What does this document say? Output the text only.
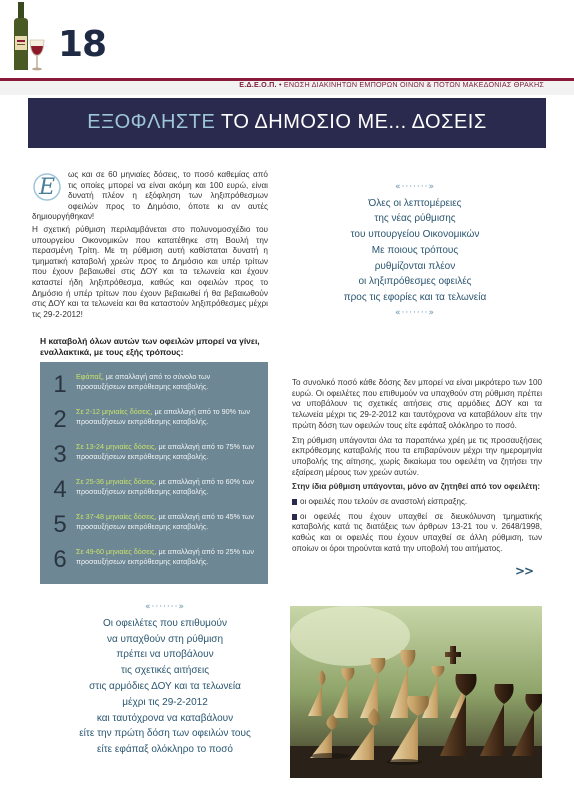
18
Ε.Δ.Ε.Ο.Π. • ΕΝΩΣΗ ΔΙΑΚΙΝΗΤΩΝ ΕΜΠΟΡΩΝ ΟΙΝΩΝ & ΠΟΤΩΝ ΜΑΚΕΔΟΝΙΑΣ ΘΡΑΚΗΣ
ΕΞΟΦΛΗΣΤΕ ΤΟ ΔΗΜΟΣΙΟ ΜΕ... ΔΟΣΕΙΣ
Ε

ως και σε 60 μηνιαίες δόσεις, το ποσό καθεμίας από τις οποίες μπορεί να είναι ακόμη και 100 ευρώ, είναι δυνατή πλέον η εξόφληση των ληξιπρόθεσμων οφειλών προς το Δημόσιο, όποτε κι αν αυτές δημιουργήθηκαν!

Η σχετική ρύθμιση περιλαμβάνεται στο πολυνομοσχέδιο του υπουργείου Οικονομικών που κατατέθηκε στη Βουλή την περασμένη Τρίτη. Με τη ρύθμιση αυτή καθίσταται δυνατή η τμηματική καταβολή χρεών προς το Δημόσιο και υπέρ τρίτων που έχουν βεβαιωθεί στις ΔΟΥ και τα τελωνεία και έχουν καταστεί ήδη ληξιπρόθεσμα, καθώς και οφειλών προς το Δημόσιο ή υπέρ τρίτων που έχουν βεβαιωθεί ή θα βεβαιωθούν στις ΔΟΥ και τα τελωνεία και θα καταστούν ληξιπρόθεσμες μέχρι τις 29-2-2012!

«·······»
Όλες οι λεπτομέρειες
της νέας ρύθμισης
του υπουργείου Οικονομικών
Με ποιους τρόπους
ρυθμίζονται πλέον
οι ληξιπρόθεσμες οφειλές
προς τις εφορίες και τα τελωνεία
«·······»
Η καταβολή όλων αυτών των οφειλών μπορεί να γίνει, εναλλακτικά, με τους εξής τρόπους:
1 Εφάπαξ, με απαλλαγή από το σύνολο των προσαυξήσεων εκπρόθεσμης καταβολής.
2 Σε 2-12 μηνιαίες δόσεις, με απαλλαγή από το 90% των προσαυξήσεων εκπρόθεσμης καταβολής.
3 Σε 13-24 μηνιαίες δόσεις, με απαλλαγή από το 75% των προσαυξήσεων εκπρόθεσμης καταβολής.
4 Σε 25-36 μηνιαίες δόσεις, με απαλλαγή από το 60% των προσαυξήσεων εκπρόθεσμης καταβολής.
5 Σε 37-48 μηνιαίες δόσεις, με απαλλαγή από το 45% των προσαυξήσεων εκπρόθεσμης καταβολής.
6 Σε 49-60 μηνιαίες δόσεις, με απαλλαγή από το 25% των προσαυξήσεων εκπρόθεσμης καταβολής.

Το συνολικό ποσό κάθε δόσης δεν μπορεί να είναι μικρότερο των 100 ευρώ. Οι οφειλέτες που επιθυμούν να υπαχθούν στη ρύθμιση πρέπει να υποβάλουν τις σχετικές αιτήσεις στις αρμόδιες ΔΟΥ και τα τελωνεία μέχρι τις 29-2-2012 και ταυτόχρονα να καταβάλουν είτε την πρώτη δόση των οφειλών τους είτε εφάπαξ ολόκληρο το ποσό.

Στη ρύθμιση υπάγονται όλα τα παραπάνω χρέη με τις προσαυξήσεις εκπρόθεσμης καταβολής που τα επιβαρύνουν μέχρι την ημερομηνία υποβολής της αίτησης, χωρίς δικαίωμα του οφειλέτη να ζητήσει την εξαίρεση μέρους των χρεών αυτών.

Στην ίδια ρύθμιση υπάγονται, μόνο αν ζητηθεί από τον οφειλέτη:

οι οφειλές που τελούν σε αναστολή είσπραξης.

οι οφειλές που έχουν υπαχθεί σε διευκόλυνση τμηματικής καταβολής κατά τις διατάξεις των άρθρων 13-21 του ν. 2648/1998, καθώς και οι οφειλές που έχουν υπαχθεί σε άλλη ρύθμιση, των οποίων οι όροι τηρούνται κατά την υποβολή του αιτήματος.

>>
«·······»
Οι οφειλέτες που επιθυμούν
να υπαχθούν στη ρύθμιση
πρέπει να υποβάλουν
τις σχετικές αιτήσεις
στις αρμόδιες ΔΟΥ και τα τελωνεία
μέχρι τις 29-2-2012
και ταυτόχρονα να καταβάλουν
είτε την πρώτη δόση των οφειλών τους
είτε εφάπαξ ολόκληρο το ποσό
